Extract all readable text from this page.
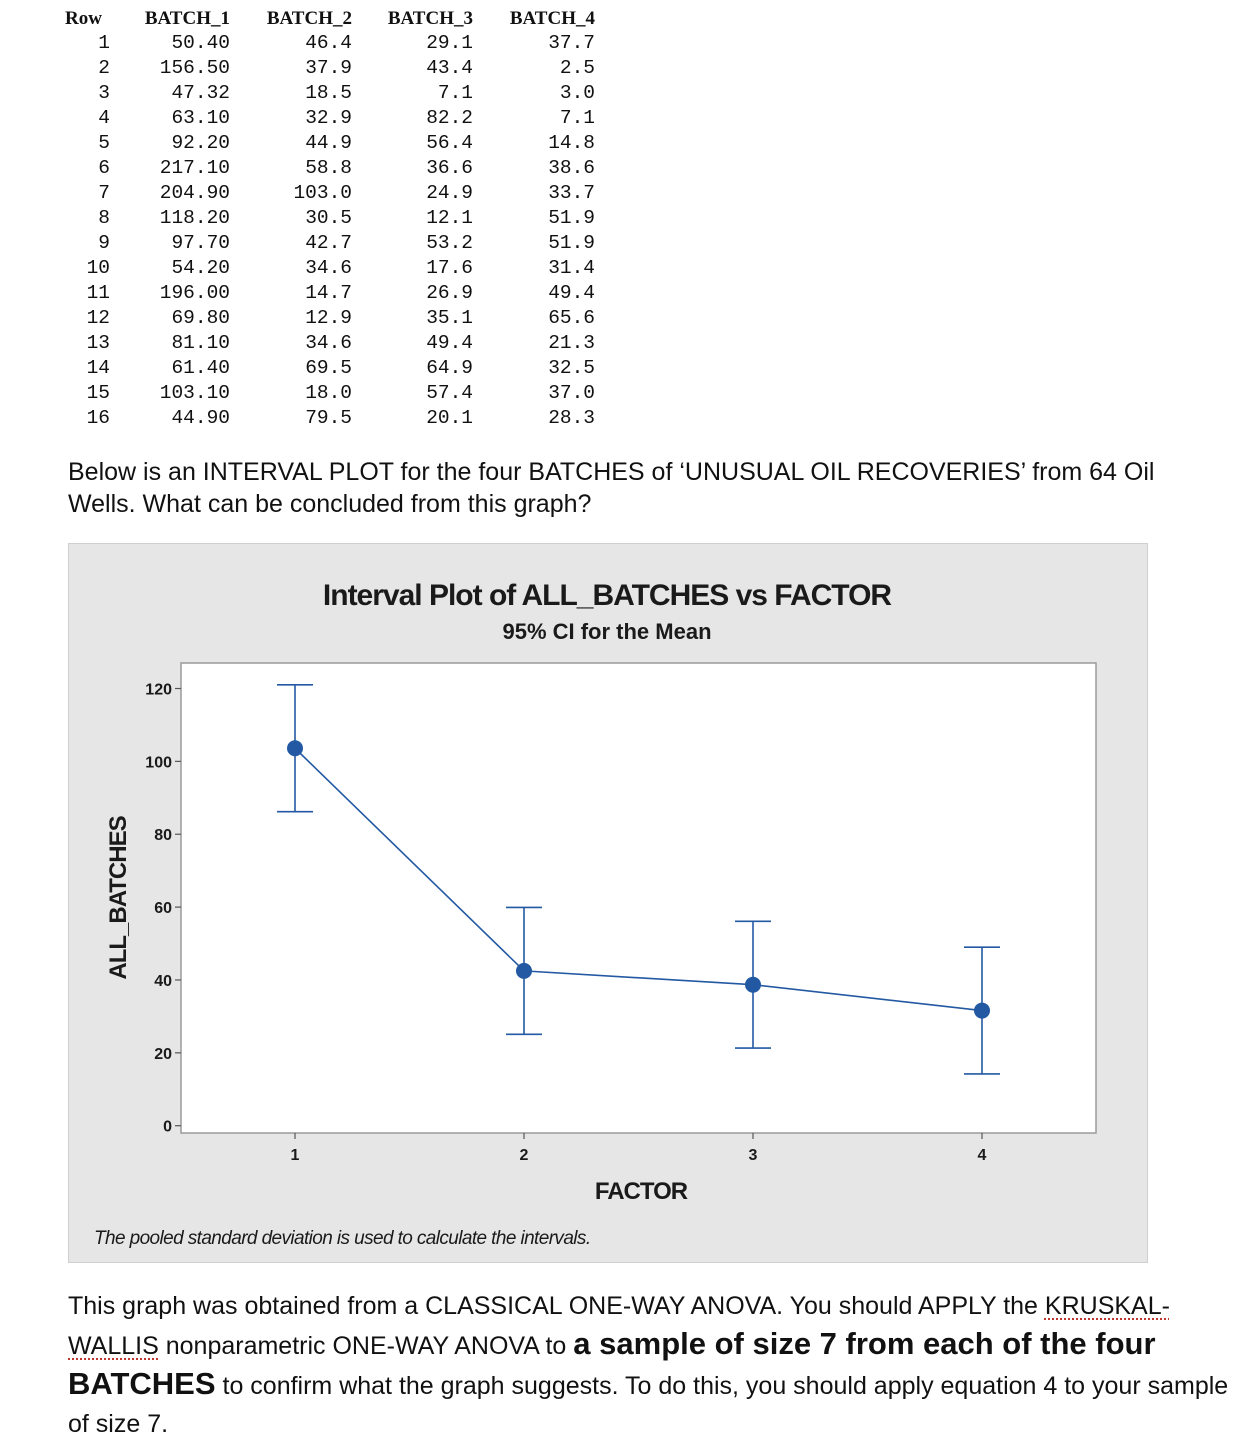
Row	BATCH_1	BATCH_2	BATCH_3	BATCH_4
1	50.40	46.4	29.1	37.7
2	156.50	37.9	43.4	2.5
3	47.32	18.5	7.1	3.0
4	63.10	32.9	82.2	7.1
5	92.20	44.9	56.4	14.8
6	217.10	58.8	36.6	38.6
7	204.90	103.0	24.9	33.7
8	118.20	30.5	12.1	51.9
9	97.70	42.7	53.2	51.9
10	54.20	34.6	17.6	31.4
11	196.00	14.7	26.9	49.4
12	69.80	12.9	35.1	65.6
13	81.10	34.6	49.4	21.3
14	61.40	69.5	64.9	32.5
15	103.10	18.0	57.4	37.0
16	44.90	79.5	20.1	28.3
Below is an INTERVAL PLOT for the four BATCHES of ‘UNUSUAL OIL RECOVERIES’ from 64 Oil Wells. What can be concluded from this graph?
Interval Plot of ALL_BATCHES vs FACTOR
95% CI for the Mean
0
20
40
60
80
100
120
1	2	3	4
FACTOR
ALL_BATCHES
The pooled standard deviation is used to calculate the intervals.
This graph was obtained from a CLASSICAL ONE-WAY ANOVA. You should APPLY the KRUSKAL-WALLIS nonparametric ONE-WAY ANOVA to a sample of size 7 from each of the four BATCHES to confirm what the graph suggests. To do this, you should apply equation 4 to your sample of size 7.
